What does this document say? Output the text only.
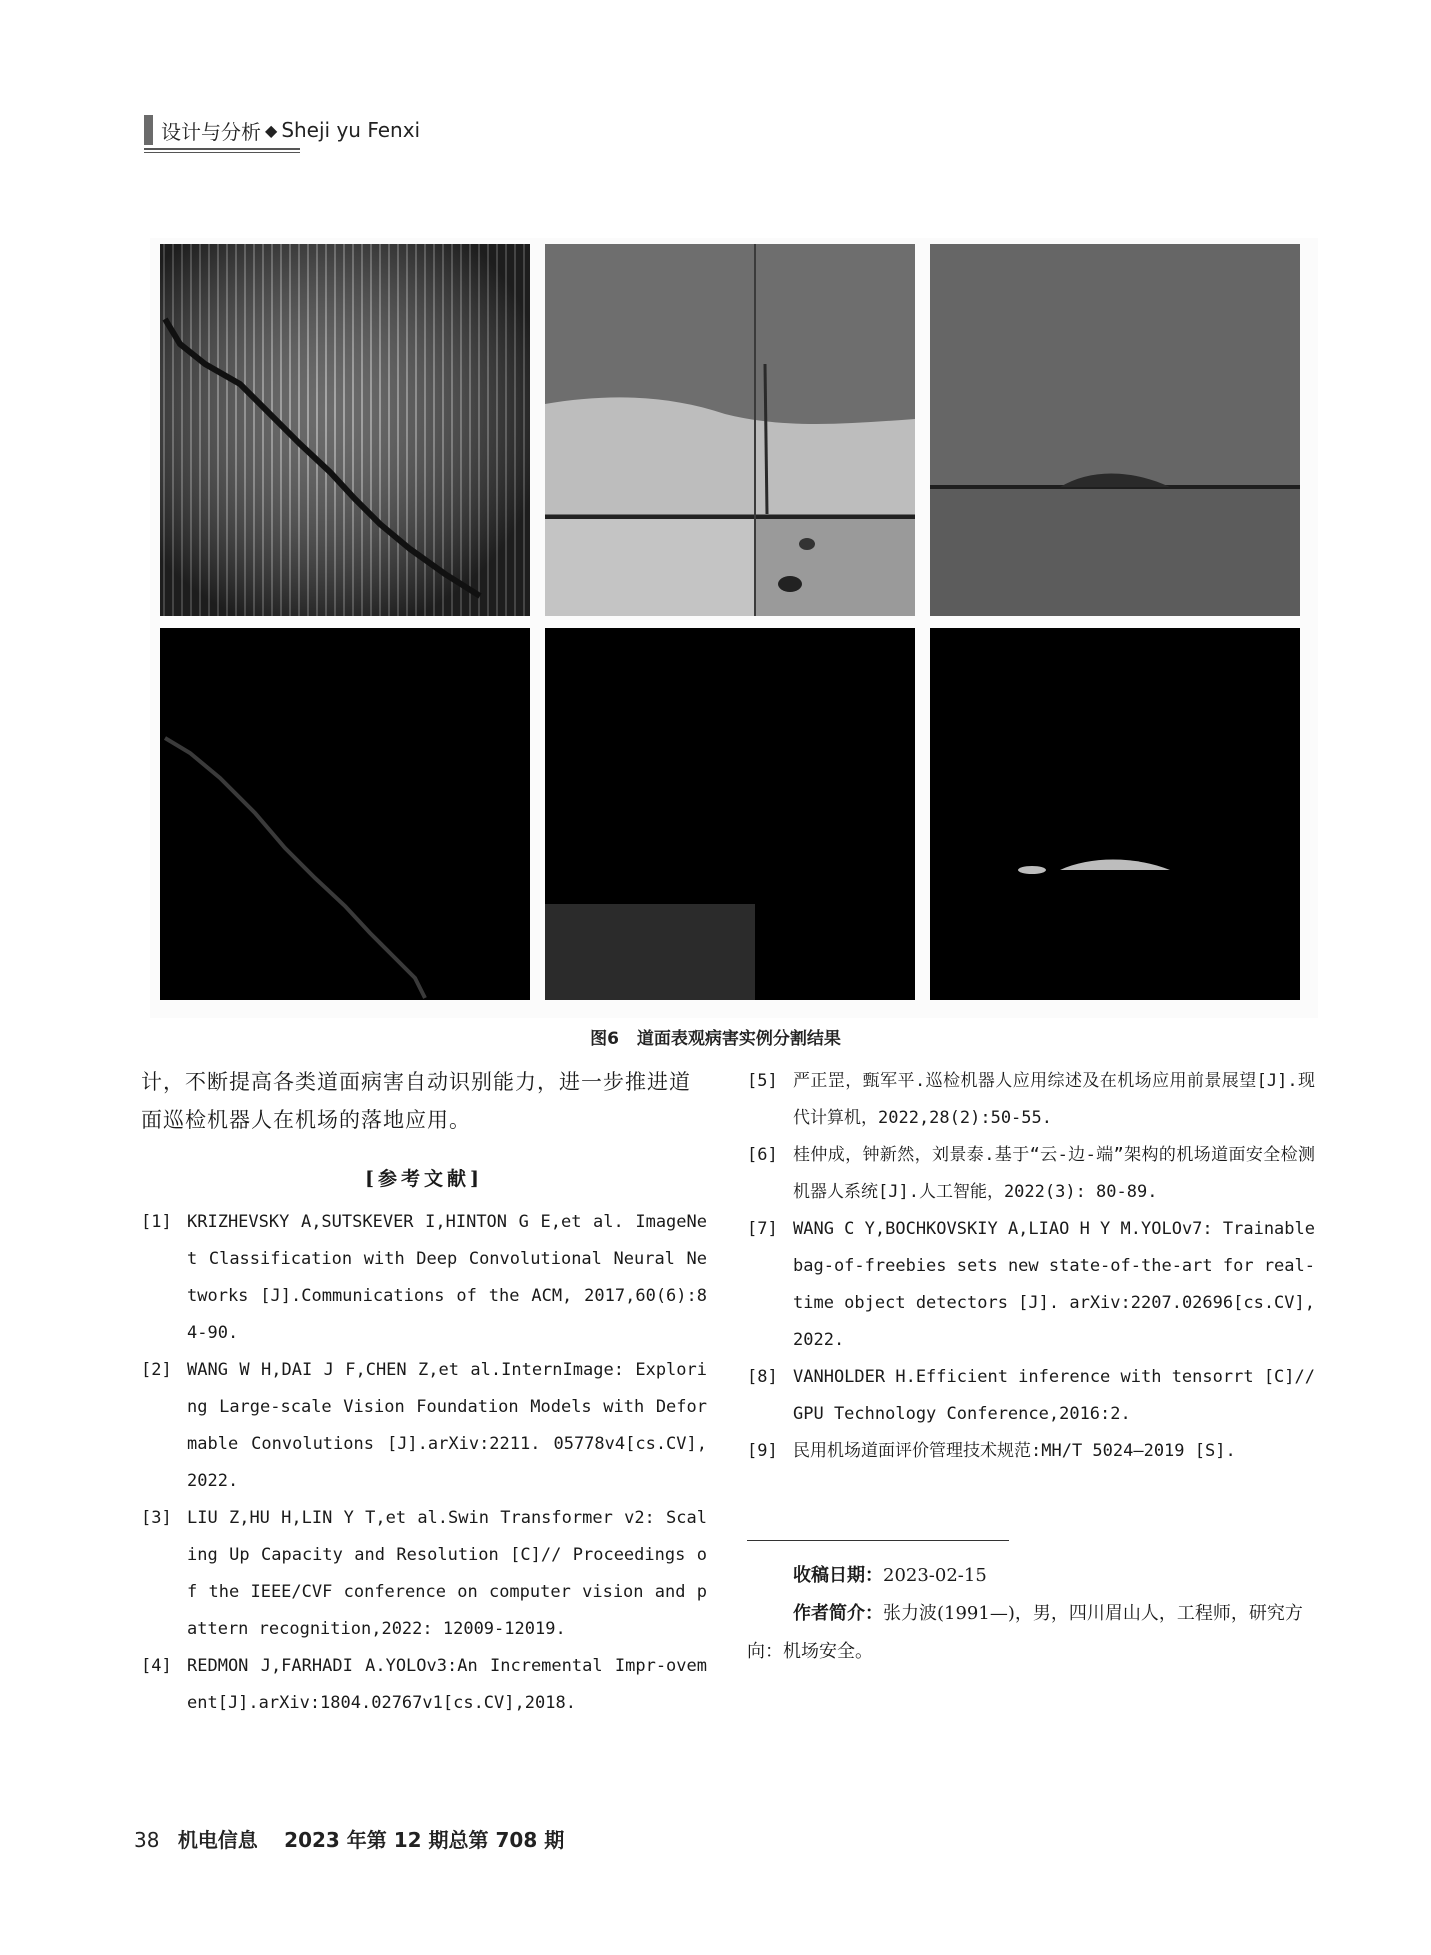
设计与分析 ◆ Sheji yu Fenxi
图6 道面表观病害实例分割结果
计，不断提高各类道面病害自动识别能力，进一步推进道面巡检机器人在机场的落地应用。
[参考文献]
[1] KRIZHEVSKY A,SUTSKEVER I,HINTON G E,et al. ImageNet Classification with Deep Convolutional Neural Networks [J].Communications of the ACM, 2017,60(6):84-90.
[2] WANG W H,DAI J F,CHEN Z,et al.InternImage: Exploring Large-scale Vision Foundation Models with Deformable Convolutions [J].arXiv:2211. 05778v4[cs.CV],2022.
[3] LIU Z,HU H,LIN Y T,et al.Swin Transformer v2: Scaling Up Capacity and Resolution [C]// Proceedings of the IEEE/CVF conference on computer vision and pattern recognition,2022: 12009-12019.
[4] REDMON J,FARHADI A.YOLOv3:An Incremental Impr-ovement[J].arXiv:1804.02767v1[cs.CV],2018.
[5] 严正罡，甄军平.巡检机器人应用综述及在机场应用前景展望[J].现代计算机，2022,28(2):50-55.
[6] 桂仲成，钟新然，刘景泰.基于“云-边-端”架构的机场道面安全检测机器人系统[J].人工智能，2022(3): 80-89.
[7] WANG C Y,BOCHKOVSKIY A,LIAO H Y M.YOLOv7: Trainable bag-of-freebies sets new state-of-the-art for real-time object detectors [J]. arXiv:2207.02696[cs.CV], 2022.
[8] VANHOLDER H.Efficient inference with tensorrt [C]// GPU Technology Conference,2016:2.
[9] 民用机场道面评价管理技术规范:MH/T 5024—2019 [S].
收稿日期：2023-02-15
作者简介：张力波(1991—)，男，四川眉山人，工程师，研究方向：机场安全。
38 机电信息 2023 年第 12 期总第 708 期
